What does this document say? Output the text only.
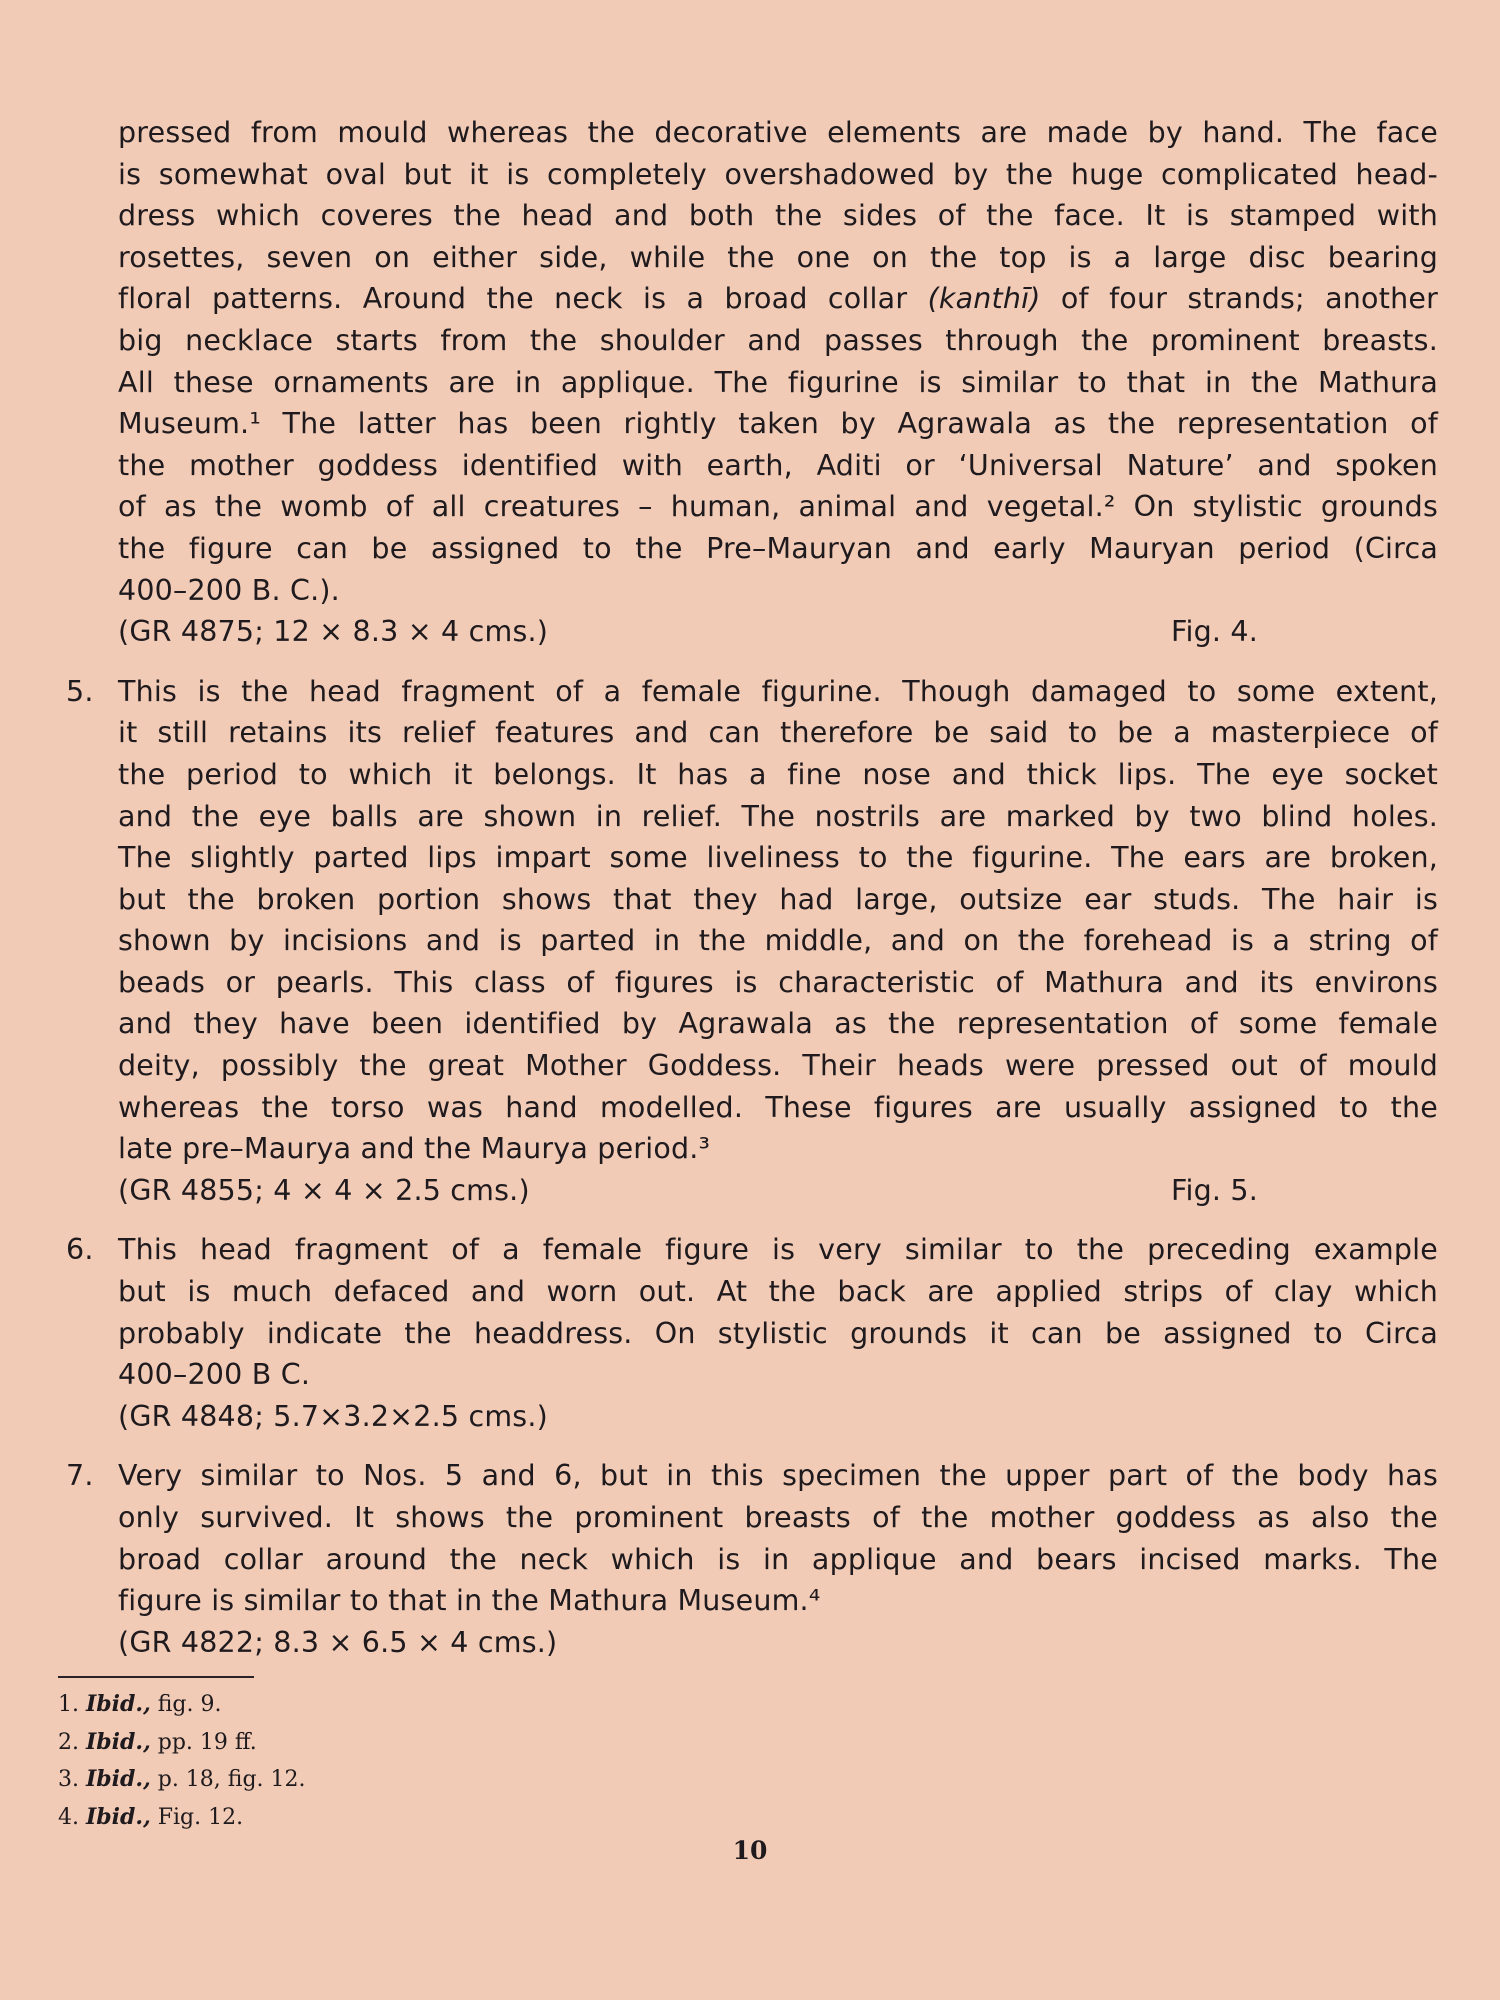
pressed from mould whereas the decorative elements are made by hand. The face
is somewhat oval but it is completely overshadowed by the huge complicated head-
dress which coveres the head and both the sides of the face. It is stamped with
rosettes, seven on either side, while the one on the top is a large disc bearing
floral patterns. Around the neck is a broad collar (kanthī) of four strands; another
big necklace starts from the shoulder and passes through the prominent breasts.
All these ornaments are in applique. The figurine is similar to that in the Mathura
Museum.¹ The latter has been rightly taken by Agrawala as the representation of
the mother goddess identified with earth, Aditi or ‘Universal Nature’ and spoken
of as the womb of all creatures – human, animal and vegetal.² On stylistic grounds
the figure can be assigned to the Pre–Mauryan and early Mauryan period (Circa
400–200 B. C.).
(GR 4875; 12 × 8.3 × 4 cms.)	Fig. 4.
5. This is the head fragment of a female figurine. Though damaged to some extent,
it still retains its relief features and can therefore be said to be a masterpiece of
the period to which it belongs. It has a fine nose and thick lips. The eye socket
and the eye balls are shown in relief. The nostrils are marked by two blind holes.
The slightly parted lips impart some liveliness to the figurine. The ears are broken,
but the broken portion shows that they had large, outsize ear studs. The hair is
shown by incisions and is parted in the middle, and on the forehead is a string of
beads or pearls. This class of figures is characteristic of Mathura and its environs
and they have been identified by Agrawala as the representation of some female
deity, possibly the great Mother Goddess. Their heads were pressed out of mould
whereas the torso was hand modelled. These figures are usually assigned to the
late pre–Maurya and the Maurya period.³
(GR 4855; 4 × 4 × 2.5 cms.)	Fig. 5.
6. This head fragment of a female figure is very similar to the preceding example
but is much defaced and worn out. At the back are applied strips of clay which
probably indicate the headdress. On stylistic grounds it can be assigned to Circa
400–200 B C.
(GR 4848; 5.7×3.2×2.5 cms.)
7. Very similar to Nos. 5 and 6, but in this specimen the upper part of the body has
only survived. It shows the prominent breasts of the mother goddess as also the
broad collar around the neck which is in applique and bears incised marks. The
figure is similar to that in the Mathura Museum.⁴
(GR 4822; 8.3 × 6.5 × 4 cms.)
1. Ibid., fig. 9.
2. Ibid., pp. 19 ff.
3. Ibid., p. 18, fig. 12.
4. Ibid., Fig. 12.
10
